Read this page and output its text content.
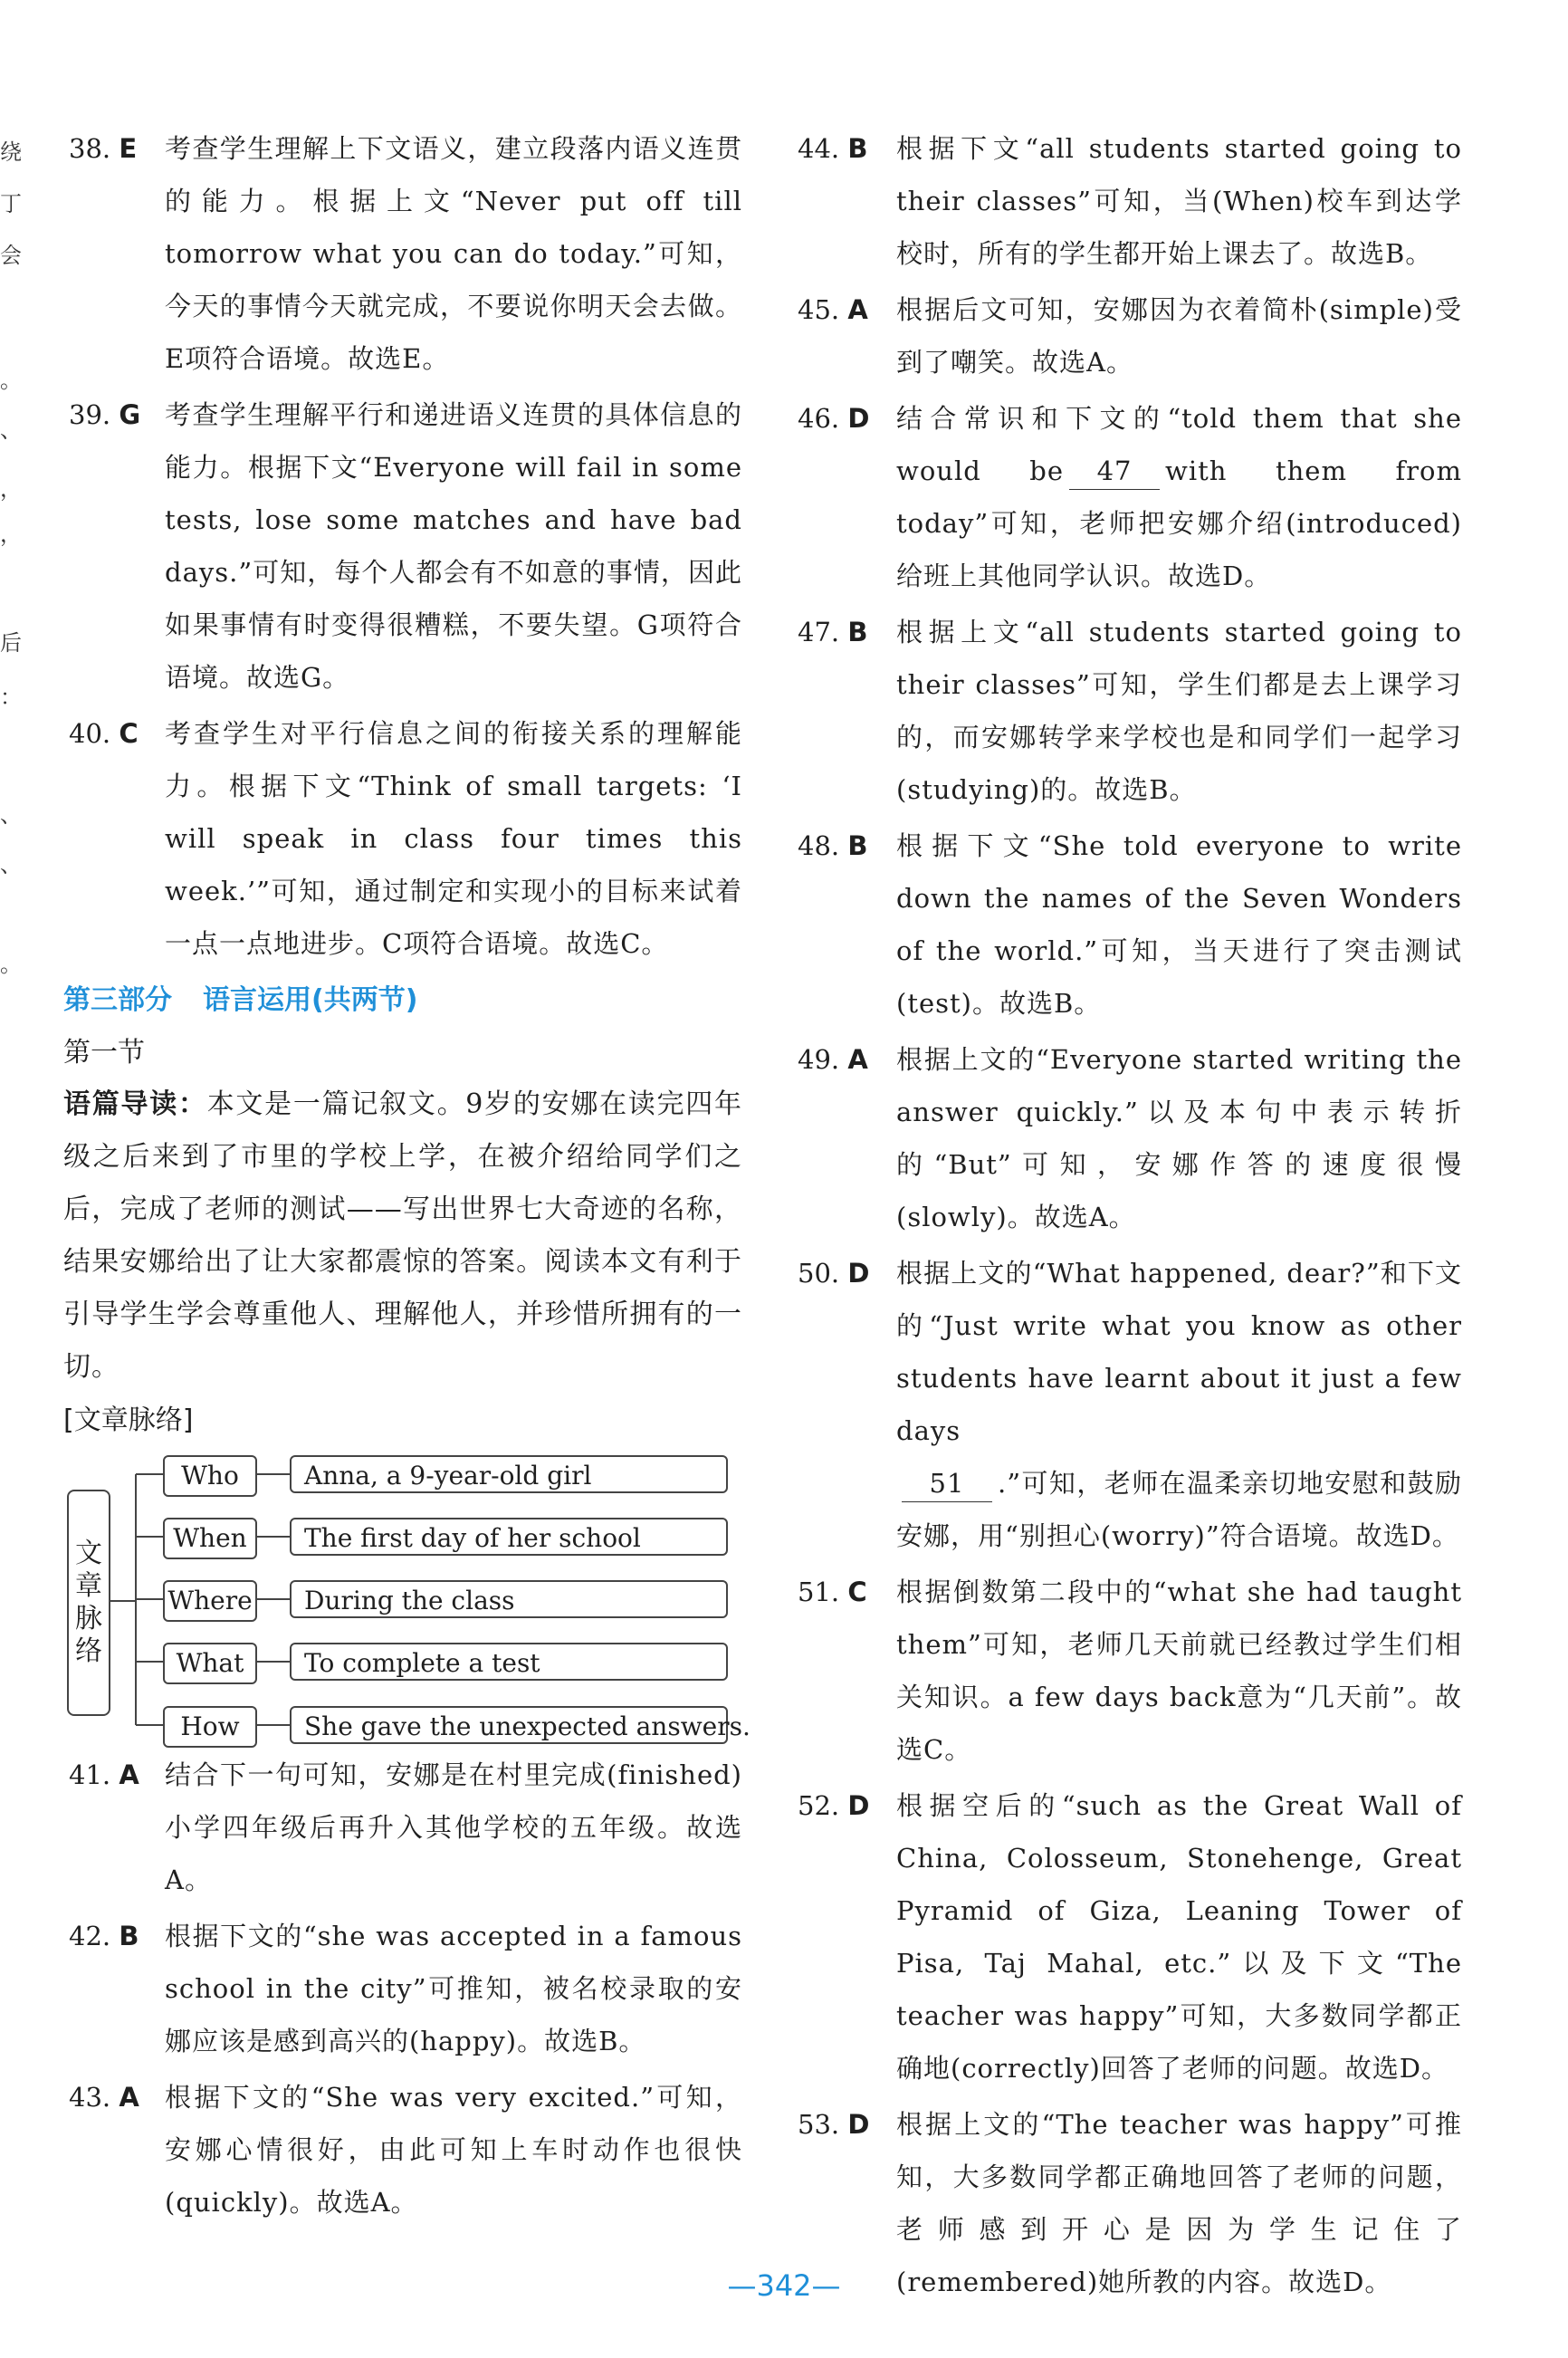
绕
丁
会
。
、
，
，
后
：
、
、
。
38. E 考查学生理解上下文语义，建立段落内语义连贯的能力。根据上文“Never put off till tomorrow what you can do today.”可知，今天的事情今天就完成，不要说你明天会去做。E项符合语境。故选E。
39. G 考查学生理解平行和递进语义连贯的具体信息的能力。根据下文“Everyone will fail in some tests, lose some matches and have bad days.”可知，每个人都会有不如意的事情，因此如果事情有时变得很糟糕，不要失望。G项符合语境。故选G。
40. C 考查学生对平行信息之间的衔接关系的理解能力。根据下文“Think of small targets: ‘I will speak in class four times this week.’”可知，通过制定和实现小的目标来试着一点一点地进步。C项符合语境。故选C。
第三部分 语言运用(共两节)
第一节
语篇导读：本文是一篇记叙文。9岁的安娜在读完四年级之后来到了市里的学校上学，在被介绍给同学们之后，完成了老师的测试——写出世界七大奇迹的名称，结果安娜给出了让大家都震惊的答案。阅读本文有利于引导学生学会尊重他人、理解他人，并珍惜所拥有的一切。
[文章脉络]
文章脉络
Who	Anna, a 9-year-old girl
When	The first day of her school
Where	During the class
What	To complete a test
How	She gave the unexpected answers.
41. A 结合下一句可知，安娜是在村里完成(finished)小学四年级后再升入其他学校的五年级。故选A。
42. B 根据下文的“she was accepted in a famous school in the city”可推知，被名校录取的安娜应该是感到高兴的(happy)。故选B。
43. A 根据下文的“She was very excited.”可知，安娜心情很好，由此可知上车时动作也很快(quickly)。故选A。
44. B 根据下文“all students started going to their classes”可知，当(When)校车到达学校时，所有的学生都开始上课去了。故选B。
45. A 根据后文可知，安娜因为衣着简朴(simple)受到了嘲笑。故选A。
46. D 结合常识和下文的“told them that she would be 47 with them from today”可知，老师把安娜介绍(introduced)给班上其他同学认识。故选D。
47. B 根据上文“all students started going to their classes”可知，学生们都是去上课学习的，而安娜转学来学校也是和同学们一起学习(studying)的。故选B。
48. B 根据下文“She told everyone to write down the names of the Seven Wonders of the world.”可知，当天进行了突击测试(test)。故选B。
49. A 根据上文的“Everyone started writing the answer quickly.”以及本句中表示转折的“But”可知，安娜作答的速度很慢(slowly)。故选A。
50. D 根据上文的“What happened, dear?”和下文的“Just write what you know as other students have learnt about it just a few days
51 .”可知，老师在温柔亲切地安慰和鼓励安娜，用“别担心(worry)”符合语境。故选D。
51. C 根据倒数第二段中的“what she had taught them”可知，老师几天前就已经教过学生们相关知识。a few days back意为“几天前”。故选C。
52. D 根据空后的“such as the Great Wall of China, Colosseum, Stonehenge, Great Pyramid of Giza, Leaning Tower of Pisa, Taj Mahal, etc.”以及下文“The teacher was happy”可知，大多数同学都正确地(correctly)回答了老师的问题。故选D。
53. D 根据上文的“The teacher was happy”可推知，大多数同学都正确地回答了老师的问题，老师感到开心是因为学生记住了(remembered)她所教的内容。故选D。
—342—
